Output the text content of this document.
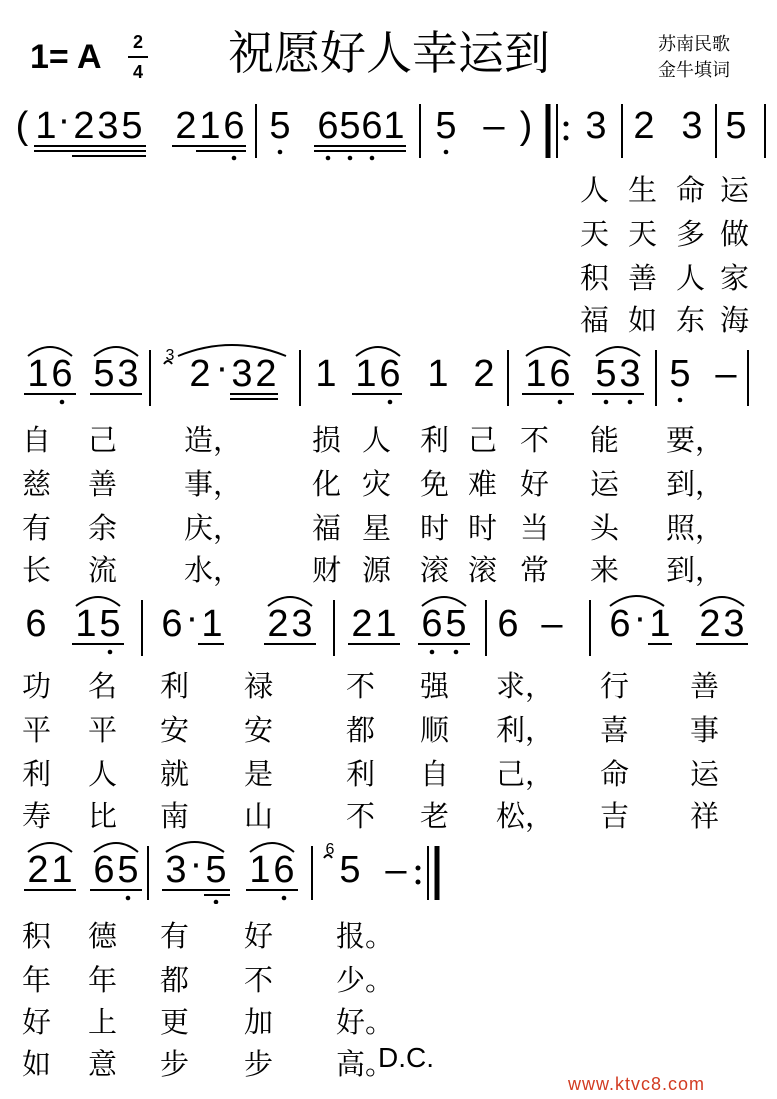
1= A 2
4 祝愿好人幸运到	苏南民歌
金牛填词
( 1 · 2 3 5 2 1 6 5 6 5 6 1 5 – ) 3 2 3 5
人 生 命 运
天 天 多 做
积 善 人 家
福 如 东 海
3
1 6 5 3 2 · 3 2 1 1 6 1 2 1 6 5 3 5 –
自 己 造， 损 人 利 己 不 能 要，
慈 善 事， 化 灾 免 难 好 运 到，
有 余 庆， 福 星 时 时 当 头 照，
长 流 水， 财 源 滚 滚 常 来 到，
6 1 5 6 · 1 2 3 2 1 6 5 6 – 6 · 1 2 3
功 名 利 禄	不 强 求， 行 善
平 平 安 安	都 顺 利， 喜 事
利 人 就 是	利 自 己， 命 运
寿 比 南 山	不 老 松， 吉 祥
6
2 1 6 5 3 · 5 1 6 5 –
积 德 有 好 报。
年 年 都 不 少。
好 上 更 加 好。
如 意 步 步 高。
D.C.
www.ktvc8.com
